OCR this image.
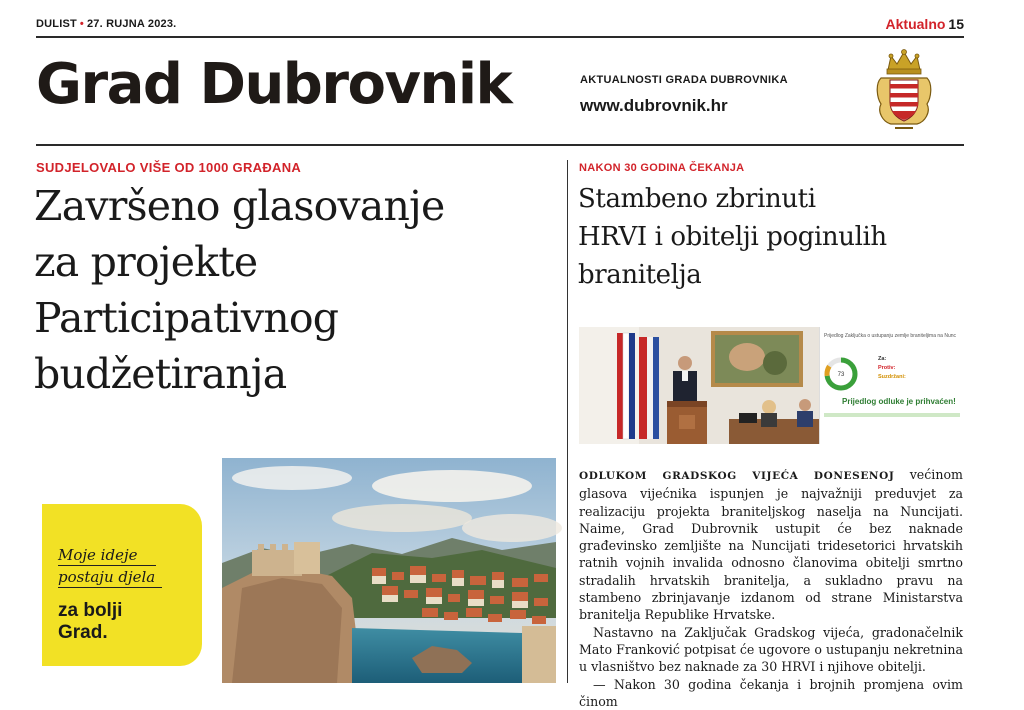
DULIST • 27. RUJNA 2023.	Aktualno 15
Grad Dubrovnik	AKTUALNOSTI GRADA DUBROVNIKA
www.dubrovnik.hr
SUDJELOVALO VIŠE OD 1000 GRAĐANA
Završeno glasovanje
za projekte
Participativnog
budžetiranja
Moje ideje
postaju djela
za bolji
Grad.
NAKON 30 GODINA ČEKANJA
Stambeno zbrinuti
HRVI i obitelji poginulih
branitelja
Prijedlog Zaključka o ustupanju zemlje braniteljima na Nunc
73
Za:
Protiv:
Suzdržani:
Prijedlog odluke je prihvaćen!

ODLUKOM GRADSKOG VIJEĆA DONESENOJ većinom glasova vijećnika ispunjen je najvažniji preduvjet za realizaciju projekta braniteljskog naselja na Nuncijati. Naime, Grad Dubrovnik ustupit će bez naknade građevinsko zemljište na Nuncijati tridesetorici hrvatskih ratnih vojnih invalida odnosno članovima obitelji smrtno stradalih hrvatskih branitelja, a sukladno pravu na stambeno zbrinjavanje izdanom od strane Ministarstva branitelja Republike Hrvatske.

Nastavno na Zaključak Gradskog vijeća, gradonačelnik Mato Franković potpisat će ugovore o ustupanju nekretnina u vlasništvo bez naknade za 30 HRVI i njihove obitelji.

— Nakon 30 godina čekanja i brojnih promjena ovim činom
